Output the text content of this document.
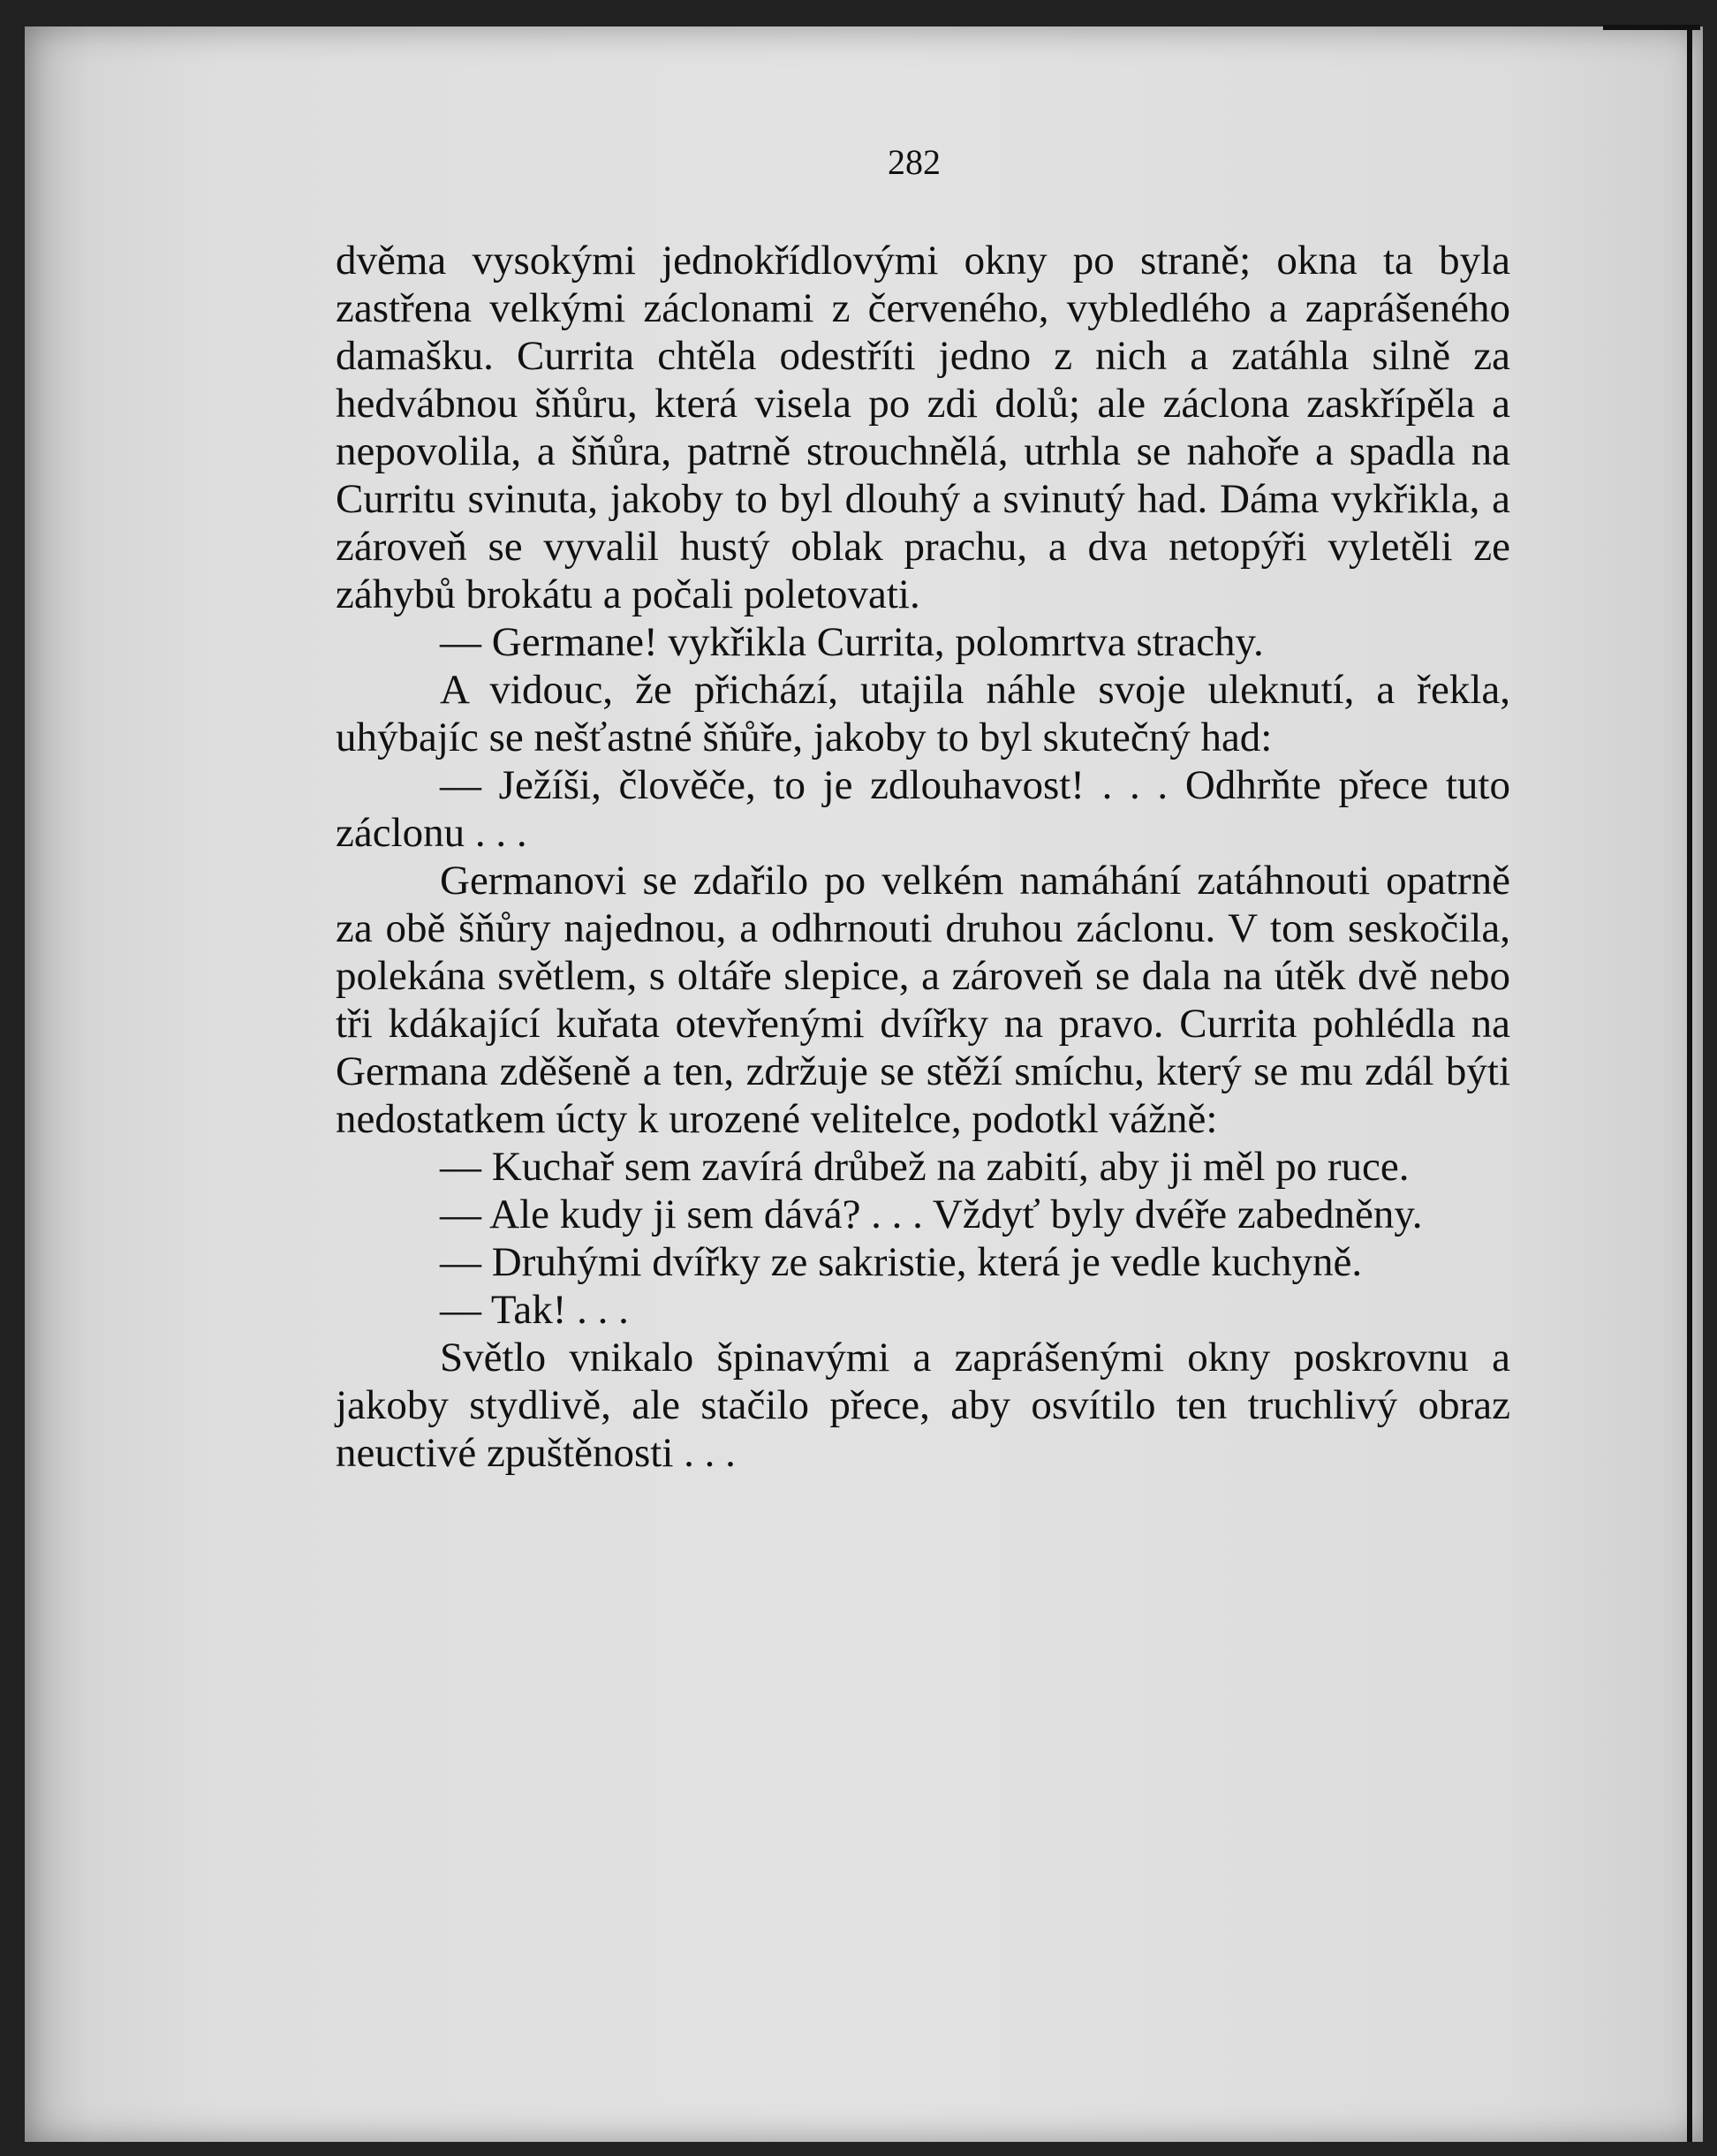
282

dvěma vysokými jednokřídlovými okny po straně; okna ta byla zastřena velkými záclonami z červeného, vybledlého a zaprášeného damašku. Currita chtěla odestříti jedno z nich a zatáhla silně za hedvábnou šňůru, která visela po zdi dolů; ale záclona zaskřípěla a nepovolila, a šňůra, patrně strouchnělá, utrhla se nahoře a spadla na Curritu svinuta, jakoby to byl dlouhý a svinutý had. Dáma vykřikla, a zároveň se vyvalil hustý oblak prachu, a dva netopýři vyletěli ze záhybů brokátu a počali poletovati.

— Germane! vykřikla Currita, polomrtva strachy.

A vidouc, že přichází, utajila náhle svoje uleknutí, a řekla, uhýbajíc se nešťastné šňůře, jakoby to byl skutečný had:

— Ježíši, člověče, to je zdlouhavost! . . . Odhrňte přece tuto záclonu . . .

Germanovi se zdařilo po velkém namáhání zatáhnouti opatrně za obě šňůry najednou, a odhrnouti druhou záclonu. V tom seskočila, polekána světlem, s oltáře slepice, a zároveň se dala na útěk dvě nebo tři kdákající kuřata otevřenými dvířky na pravo. Currita pohlédla na Germana zděšeně a ten, zdržuje se stěží smíchu, který se mu zdál býti nedostatkem úcty k urozené velitelce, podotkl vážně:

— Kuchař sem zavírá drůbež na zabití, aby ji měl po ruce.

— Ale kudy ji sem dává? . . . Vždyť byly dvéře zabedněny.

— Druhými dvířky ze sakristie, která je vedle kuchyně.

— Tak! . . .

Světlo vnikalo špinavými a zaprášenými okny poskrovnu a jakoby stydlivě, ale stačilo přece, aby osvítilo ten truchlivý obraz neuctivé zpuštěnosti . . .
